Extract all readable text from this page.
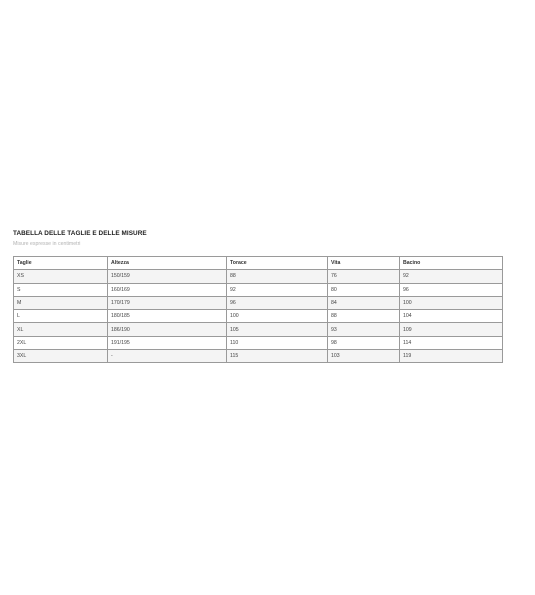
TABELLA DELLE TAGLIE E DELLE MISURE
Misure espresse in centimetri
Taglie	Altezza	Torace	Vita	Bacino
XS	150/159	88	76	92
S	160/169	92	80	96
M	170/179	96	84	100
L	180/185	100	88	104
XL	186/190	105	93	109
2XL	191/195	110	98	114
3XL	-	115	103	119
